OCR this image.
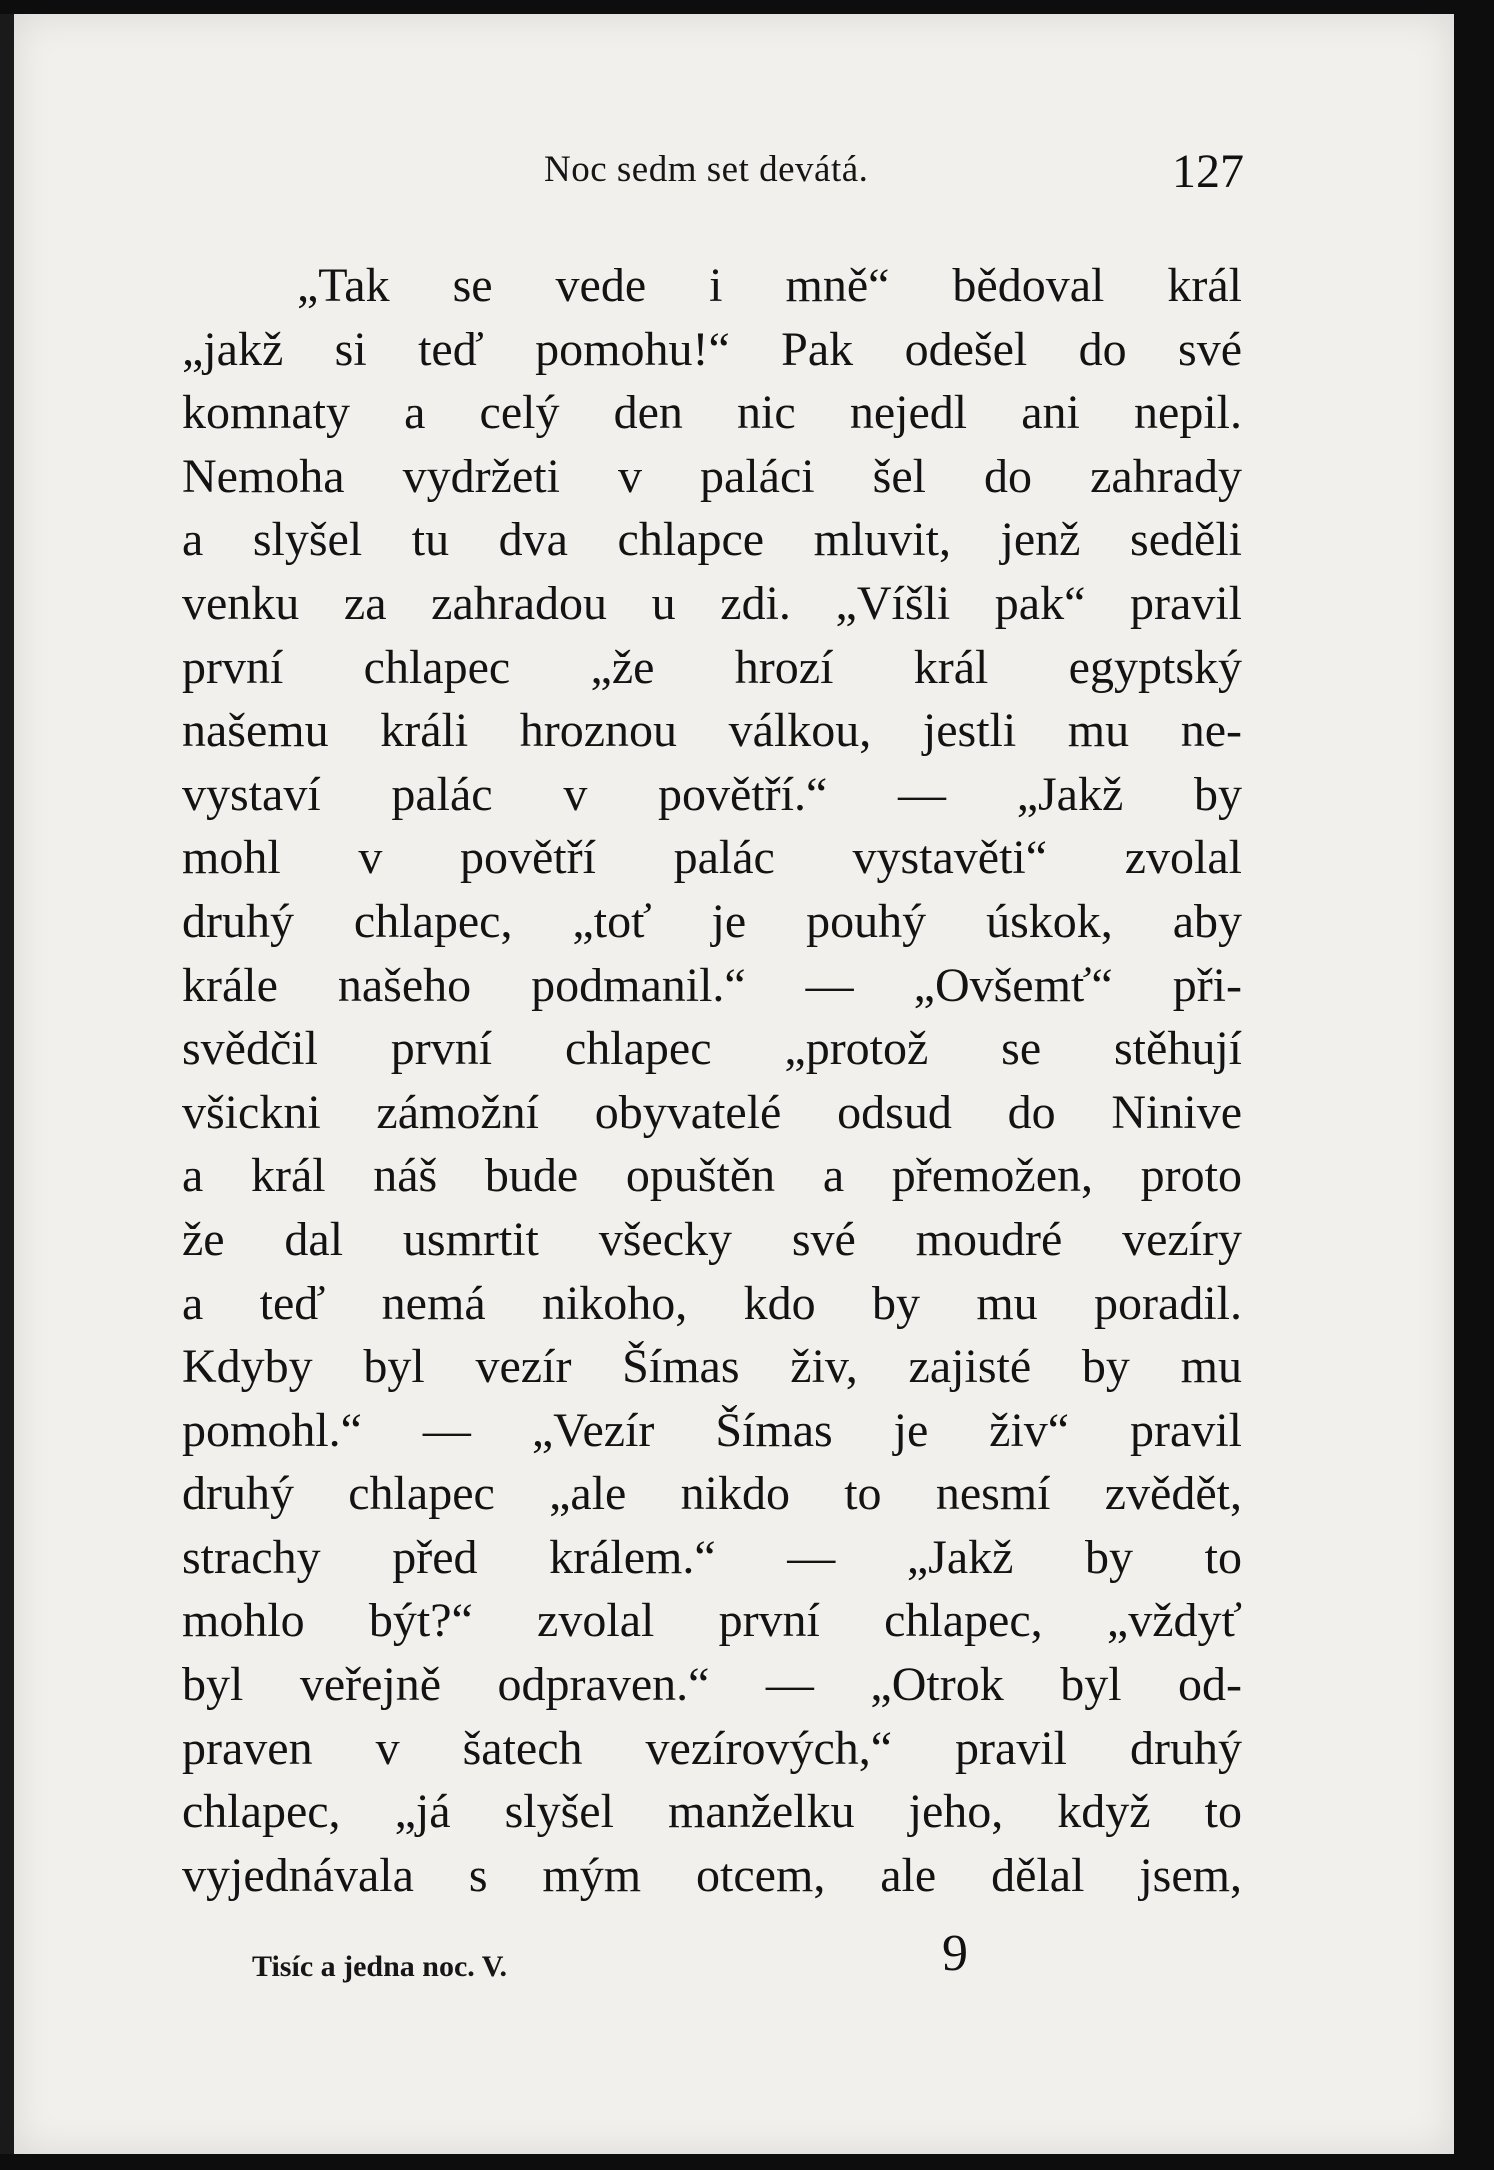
Noc sedm set devátá.	127
„Tak se vede i mně“ bědoval král
„jakž si teď pomohu!“ Pak odešel do své
komnaty a celý den nic nejedl ani nepil.
Nemoha vydržeti v paláci šel do zahrady
a slyšel tu dva chlapce mluvit, jenž seděli
venku za zahradou u zdi. „Víšli pak“ pravil
první chlapec „že hrozí král egyptský
našemu králi hroznou válkou, jestli mu ne-
vystaví palác v povětří.“ — „Jakž by
mohl v povětří palác vystavěti“ zvolal
druhý chlapec, „toť je pouhý úskok, aby
krále našeho podmanil.“ — „Ovšemť“ při-
svědčil první chlapec „protož se stěhují
všickni zámožní obyvatelé odsud do Ninive
a král náš bude opuštěn a přemožen, proto
že dal usmrtit všecky své moudré vezíry
a teď nemá nikoho, kdo by mu poradil.
Kdyby byl vezír Šímas živ, zajisté by mu
pomohl.“ — „Vezír Šímas je živ“ pravil
druhý chlapec „ale nikdo to nesmí zvědět,
strachy před králem.“ — „Jakž by to
mohlo být?“ zvolal první chlapec, „vždyť
byl veřejně odpraven.“ — „Otrok byl od-
praven v šatech vezírových,“ pravil druhý
chlapec, „já slyšel manželku jeho, když to
vyjednávala s mým otcem, ale dělal jsem,
Tisíc a jedna noc. V.	9
